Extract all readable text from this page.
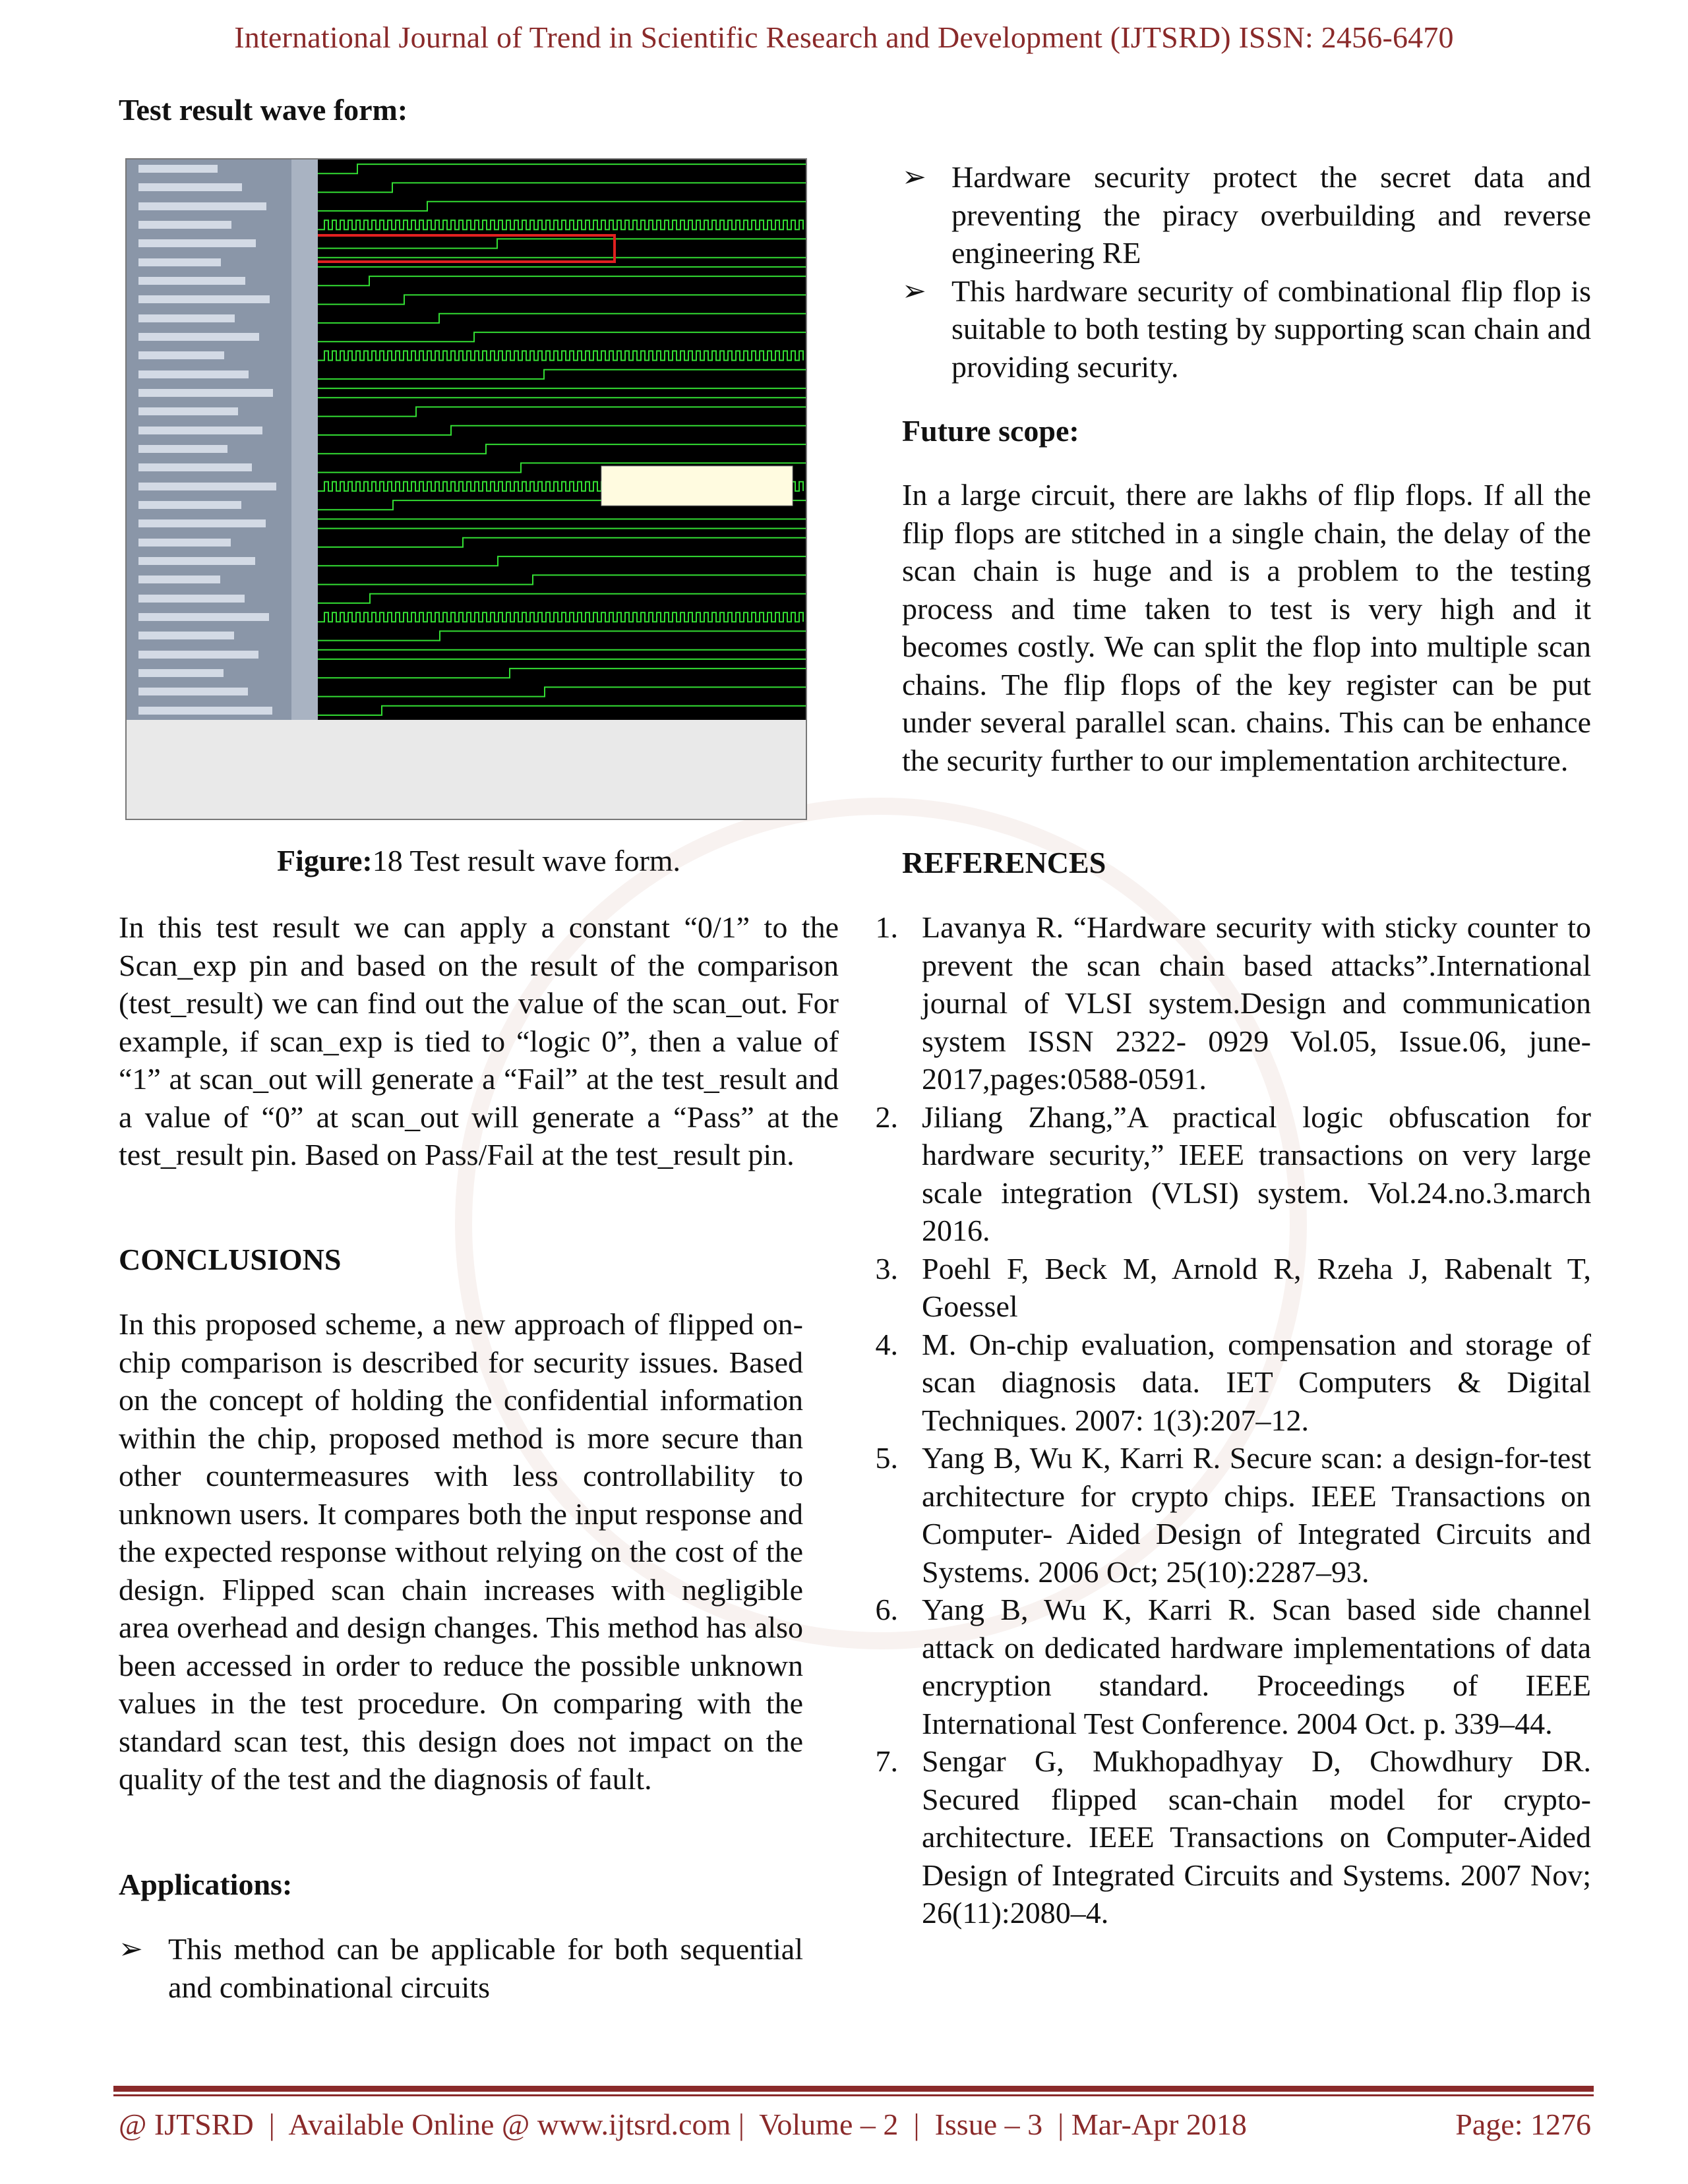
International Journal of Trend in Scientific Research and Development (IJTSRD) ISSN: 2456-6470
Test result wave form:
Figure:18 Test result wave form.
In this test result we can apply a constant “0/1” to the Scan_exp pin and based on the result of the comparison (test_result) we can find out the value of the scan_out. For example, if scan_exp is tied to “logic 0”, then a value of “1” at scan_out will generate a “Fail” at the test_result and a value of “0” at scan_out will generate a “Pass” at the test_result pin. Based on Pass/Fail at the test_result pin.
CONCLUSIONS
In this proposed scheme, a new approach of flipped on-chip comparison is described for security issues. Based on the concept of holding the confidential information within the chip, proposed method is more secure than other countermeasures with less controllability to unknown users. It compares both the input response and the expected response without relying on the cost of the design. Flipped scan chain increases with negligible area overhead and design changes. This method has also been accessed in order to reduce the possible unknown values in the test procedure. On comparing with the standard scan test, this design does not impact on the quality of the test and the diagnosis of fault.
Applications:
➢ This method can be applicable for both sequential and combinational circuits
➢ Hardware security protect the secret data and preventing the piracy overbuilding and reverse engineering RE
➢ This hardware security of combinational flip flop is suitable to both testing by supporting scan chain and providing security.
Future scope:
In a large circuit, there are lakhs of flip flops. If all the flip flops are stitched in a single chain, the delay of the scan chain is huge and is a problem to the testing process and time taken to test is very high and it becomes costly. We can split the flop into multiple scan chains. The flip flops of the key register can be put under several parallel scan. chains. This can be enhance the security further to our implementation architecture.
REFERENCES
1. Lavanya R. “Hardware security with sticky counter to prevent the scan chain based attacks”.International journal of VLSI system.Design and communication system ISSN 2322- 0929 Vol.05, Issue.06, june-2017,pages:0588-0591.
2. Jiliang Zhang,”A practical logic obfuscation for hardware security,” IEEE transactions on very large scale integration (VLSI) system. Vol.24.no.3.march 2016.
3. Poehl F, Beck M, Arnold R, Rzeha J, Rabenalt T, Goessel
4. M. On-chip evaluation, compensation and storage of scan diagnosis data. IET Computers & Digital Techniques. 2007: 1(3):207–12.
5. Yang B, Wu K, Karri R. Secure scan: a design-for-test architecture for crypto chips. IEEE Transactions on Computer- Aided Design of Integrated Circuits and Systems. 2006 Oct; 25(10):2287–93.
6. Yang B, Wu K, Karri R. Scan based side channel attack on dedicated hardware implementations of data encryption standard. Proceedings of IEEE International Test Conference. 2004 Oct. p. 339–44.
7. Sengar G, Mukhopadhyay D, Chowdhury DR. Secured flipped scan-chain model for crypto-architecture. IEEE Transactions on Computer-Aided Design of Integrated Circuits and Systems. 2007 Nov; 26(11):2080–4.
@ IJTSRD  |  Available Online @ www.ijtsrd.com |  Volume – 2  |  Issue – 3  | Mar-Apr 2018	Page: 1276
